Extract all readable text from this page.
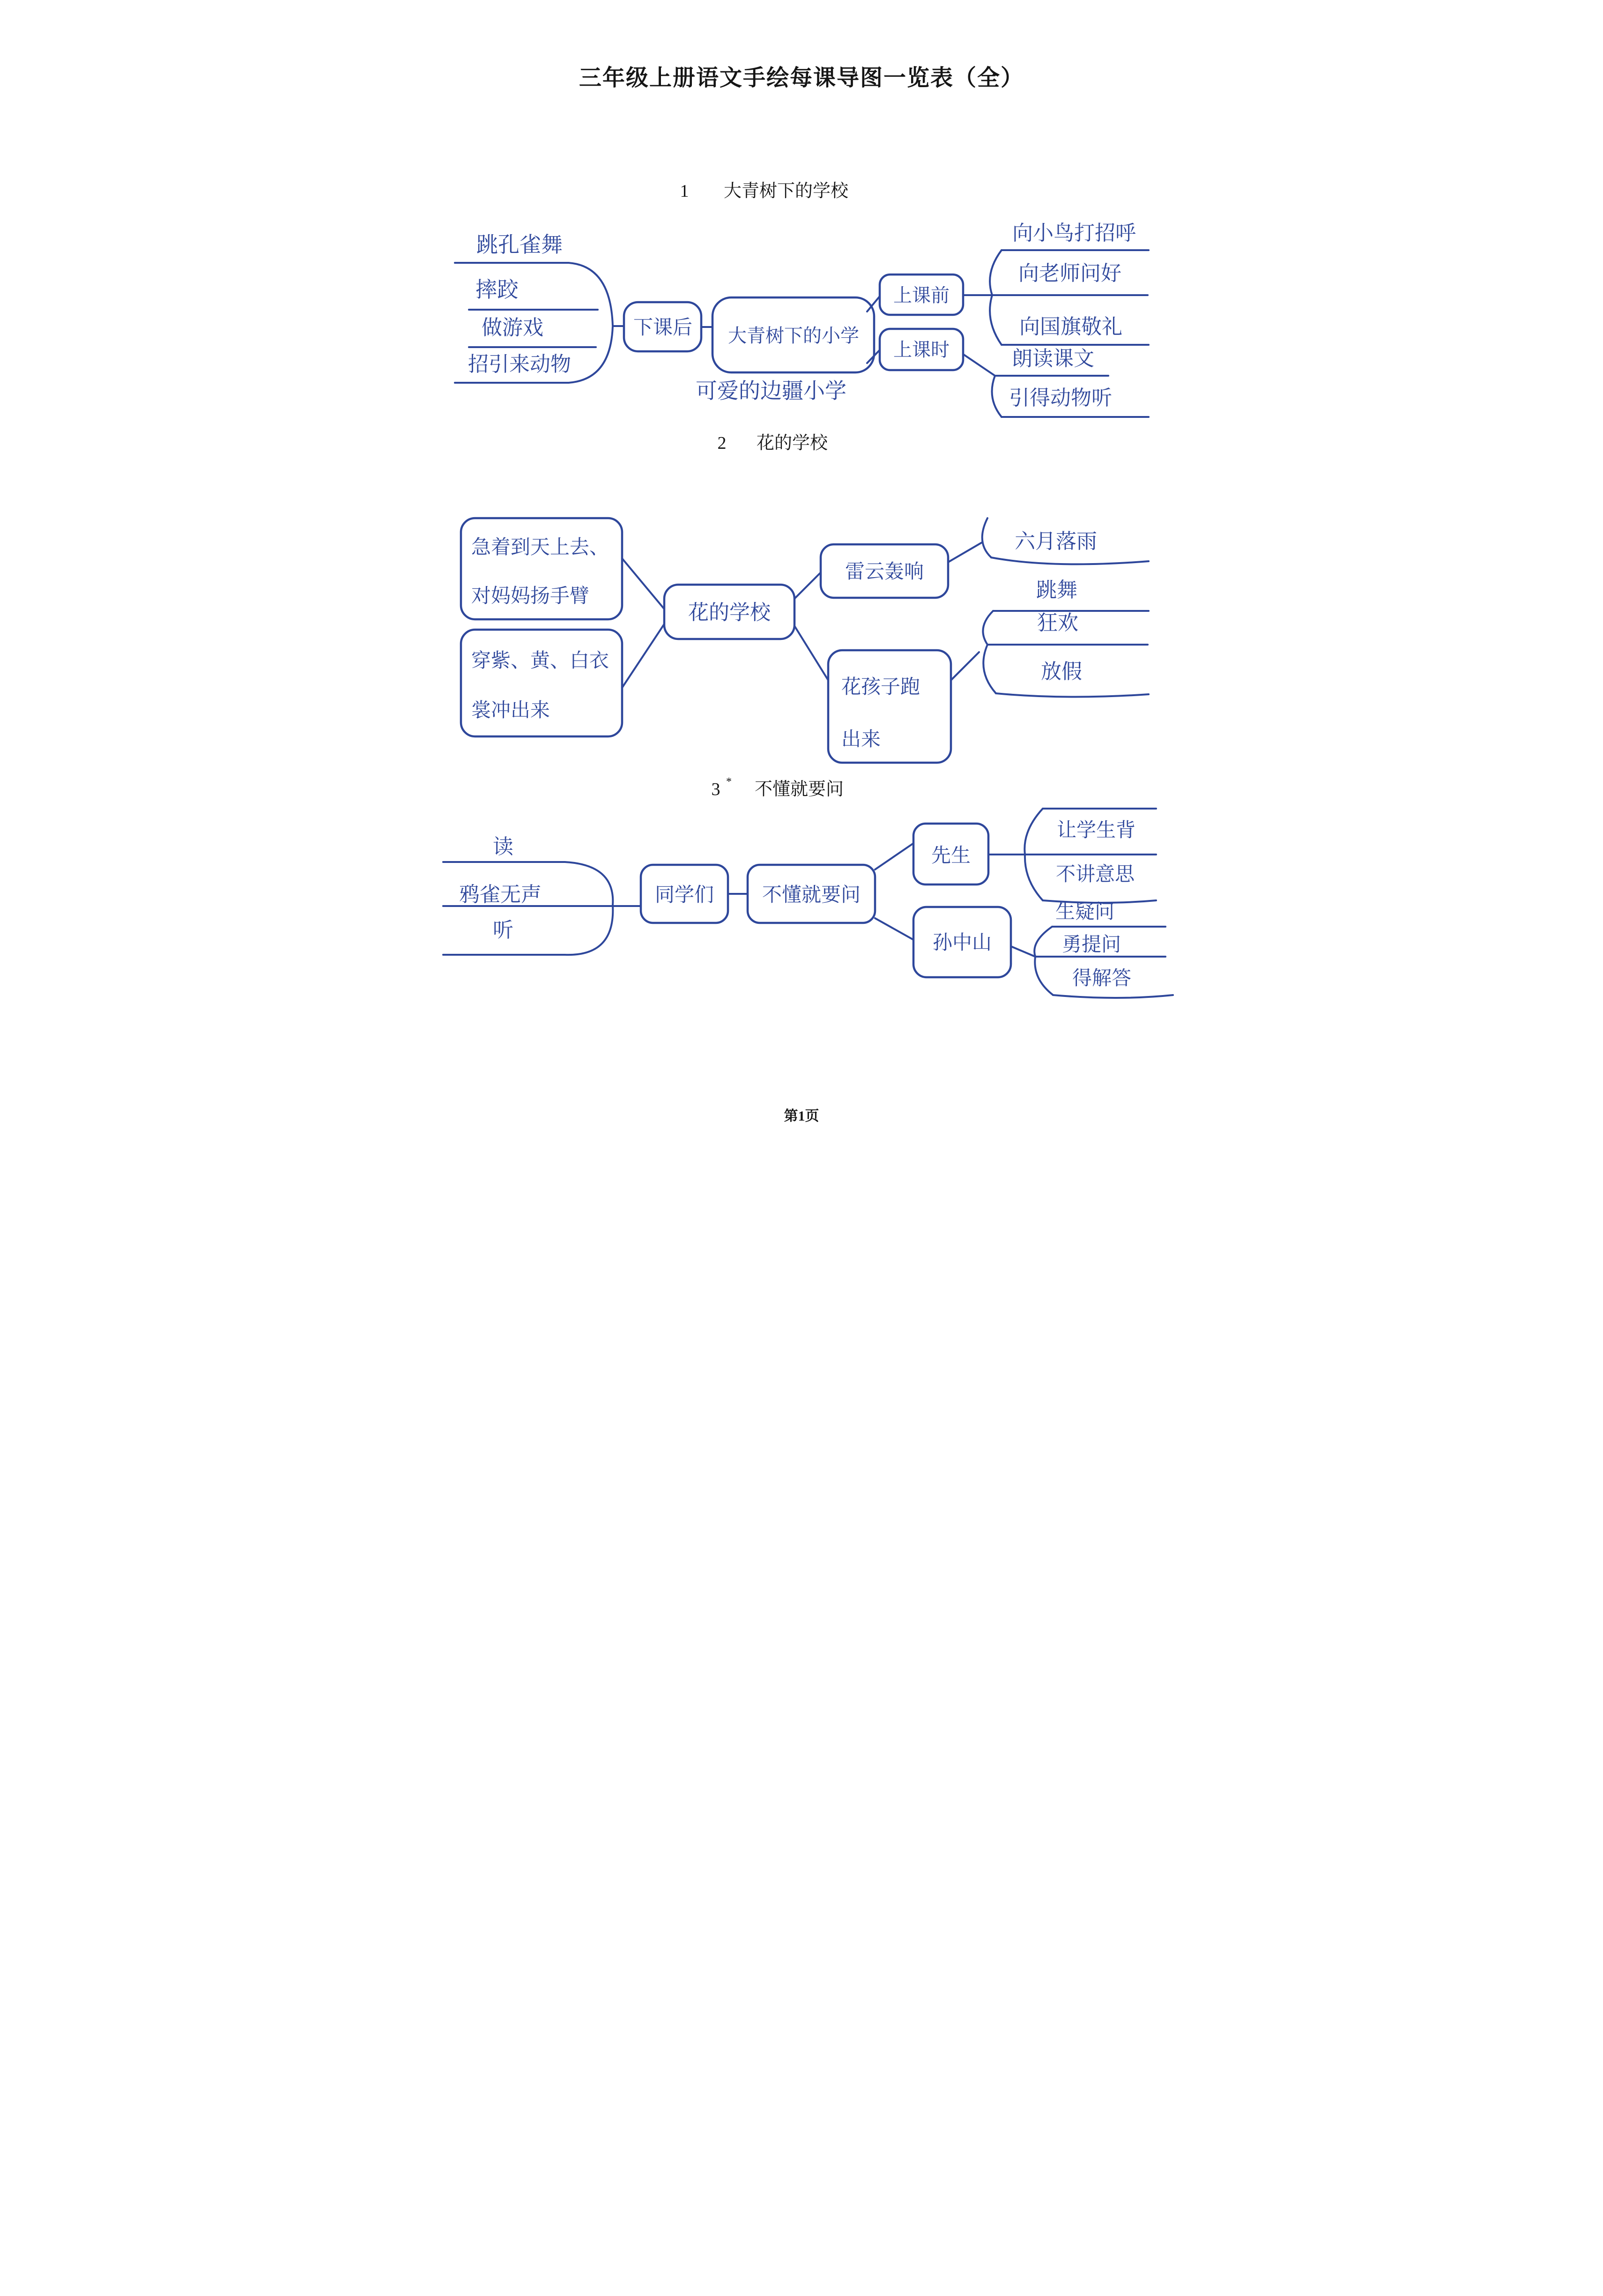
三年级上册语文手绘每课导图一览表（全）
1 大青树下的学校
跳孔雀舞
摔跤
做游戏
招引来动物
下课后 大青树下的小学
可爱的边疆小学
上课前
向小鸟打招呼
向老师问好
向国旗敬礼
上课时	朗读课文
引得动物听
2 花的学校
急着到天上去、
对妈妈扬手臂
穿紫、黄、白衣
裳冲出来
花的学校
雷云轰响
六月落雨
花孩子跑
出来
跳舞
狂欢
放假
3 * 不懂就要问
读
鸦雀无声
听
同学们 不懂就要问
先生
让学生背
不讲意思
孙中山
生疑问
勇提问
得解答
第1页
